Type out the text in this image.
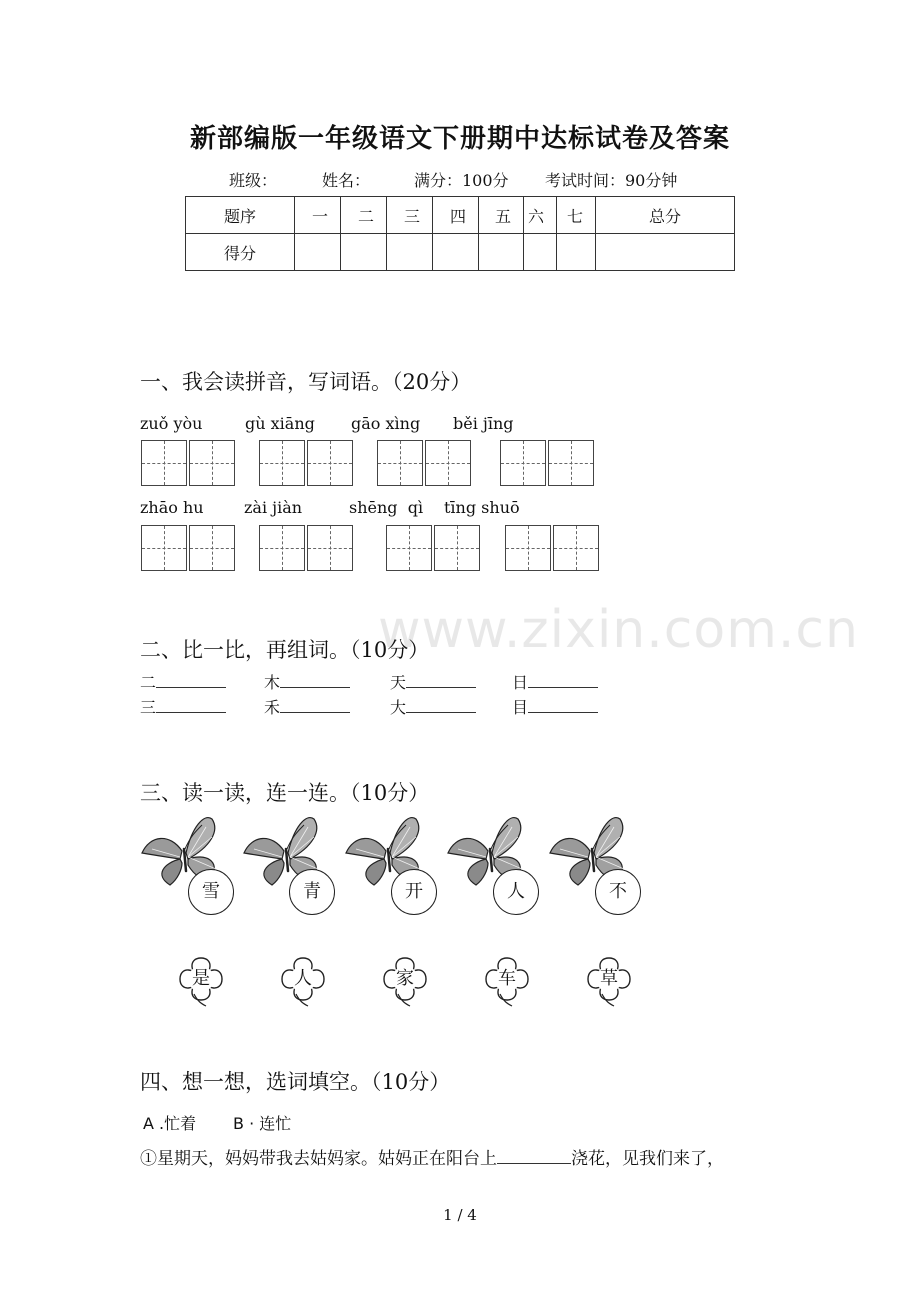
新部编版一年级语文下册期中达标试卷及答案
班级：	姓名：	满分：100分 考试时间：90分钟
题序	一	二	三	四	五	六	七	总分
得分								
一、我会读拼音，写词语。（20分）
zuǒ yòu	gù xiāng gāo xìng běi jīng
zhāo hu	zài jiàn	shēng  qì tīng shuō
www.zixin.com.cn
二、比一比，再组词。（10分）
二	木	天	日
三	禾	大	目
三、读一读，连一连。（10分）
雪	青	开	人	不
是	人	家	车	草
四、想一想，选词填空。（10分）
A .忙着 B · 连忙
①星期天，妈妈带我去姑妈家。姑妈正在阳台上	浇花，见我们来了，
1 / 4
